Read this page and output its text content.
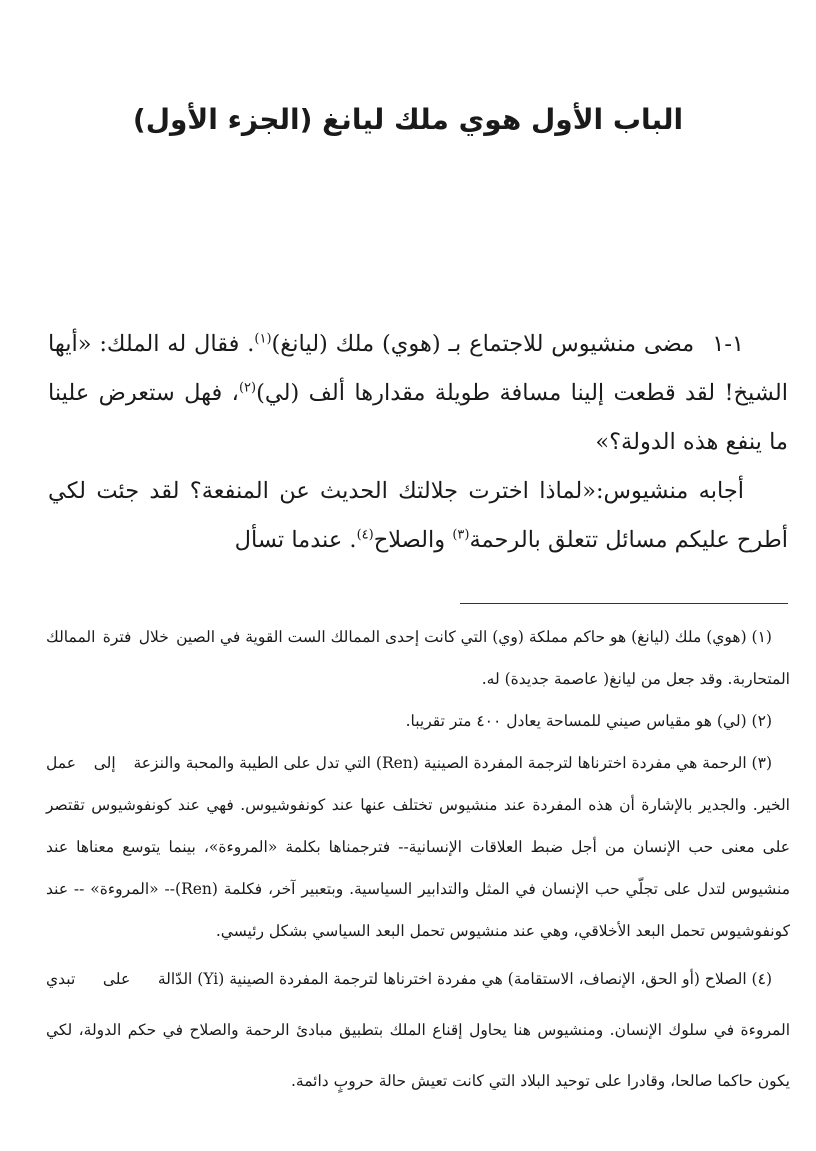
الباب الأول هوي ملك ليانغ (الجزء الأول)

١-١مضى منشيوس للاجتماع بـ (هوي) ملك (ليانغ)$^{(١)}$. فقال له الملك: «أيها الشيخ! لقد قطعت إلينا مسافة طويلة مقدارها ألف (لي)$^{(٢)}$، فهل ستعرض علينا ما ينفع هذه الدولة؟»

أجابه منشيوس:«لماذا اخترت جلالتك الحديث عن المنفعة؟ لقد جئت لكي أطرح عليكم مسائل تتعلق بالرحمة$^{(٣)}$ والصلاح$^{(٤)}$. عندما تسأل

(١) (هوي) ملك (ليانغ) هو حاكم مملكة (وي) التي كانت إحدى الممالك الست القوية في الصين خلال فترة الممالك المتحاربة. وقد جعل من ليانغ( عاصمة جديدة) له.

(٢) (لي) هو مقياس صيني للمساحة يعادل ٤٠٠ متر تقريبا.

(٣) الرحمة هي مفردة اخترناها لترجمة المفردة الصينية (Ren) التي تدل على الطيبة والمحبة والنزعة إلى عمل الخير. والجدير بالإشارة أن هذه المفردة عند منشيوس تختلف عنها عند كونفوشيوس. فهي عند كونفوشيوس تقتصر على معنى حب الإنسان من أجل ضبط العلاقات الإنسانية-- فترجمناها بكلمة «المروءة»، بينما يتوسع معناها عند منشيوس لتدل على تجلّي حب الإنسان في المثل والتدابير السياسية. وبتعبير آخر، فكلمة (Ren)-- «المروءة» -- عند كونفوشيوس تحمل البعد الأخلاقي، وهي عند منشيوس تحمل البعد السياسي بشكل رئيسي.

(٤) الصلاح (أو الحق، الإنصاف، الاستقامة) هي مفردة اخترناها لترجمة المفردة الصينية (Yi) الدّالة على تبدي المروءة في سلوك الإنسان. ومنشيوس هنا يحاول إقناع الملك بتطبيق مبادئ الرحمة والصلاح في حكم الدولة، لكي يكون حاكما صالحا، وقادرا على توحيد البلاد التي كانت تعيش حالة حروبٍ دائمة.
